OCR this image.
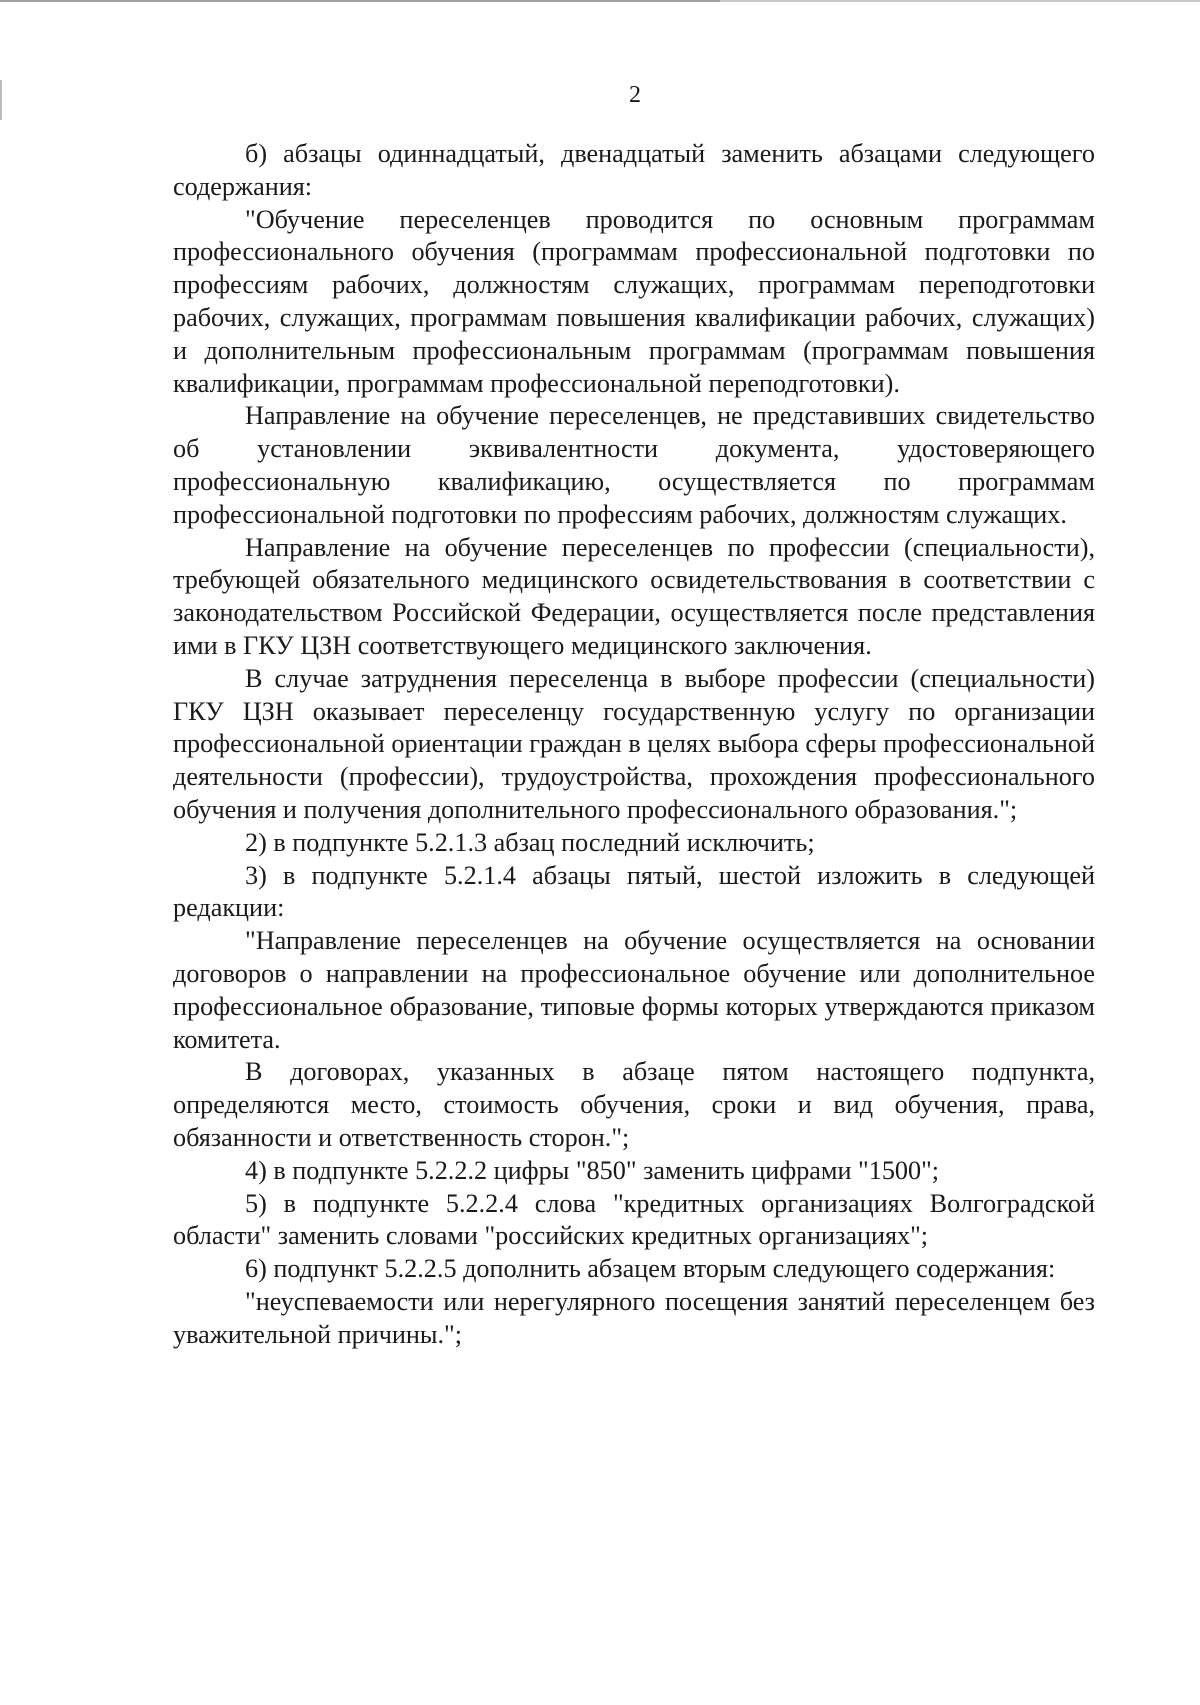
2

б) абзацы одиннадцатый, двенадцатый заменить абзацами следующего содержания:

"Обучение переселенцев проводится по основным программам профессионального обучения (программам профессиональной подготовки по профессиям рабочих, должностям служащих, программам переподготовки рабочих, служащих, программам повышения квалификации рабочих, служащих) и дополнительным профессиональным программам (программам повышения квалификации, программам профессиональной переподготовки).

Направление на обучение переселенцев, не представивших свидетельство об установлении эквивалентности документа, удостоверяющего профессиональную квалификацию, осуществляется по программам профессиональной подготовки по профессиям рабочих, должностям служащих.

Направление на обучение переселенцев по профессии (специальности), требующей обязательного медицинского освидетельствования в соответствии с законодательством Российской Федерации, осуществляется после представления ими в ГКУ ЦЗН соответствующего медицинского заключения.

В случае затруднения переселенца в выборе профессии (специальности) ГКУ ЦЗН оказывает переселенцу государственную услугу по организации профессиональной ориентации граждан в целях выбора сферы профессиональной деятельности (профессии), трудоустройства, прохождения профессионального обучения и получения дополнительного профессионального образования.";

2) в подпункте 5.2.1.3 абзац последний исключить;

3) в подпункте 5.2.1.4 абзацы пятый, шестой изложить в следующей редакции:

"Направление переселенцев на обучение осуществляется на основании договоров о направлении на профессиональное обучение или дополнительное профессиональное образование, типовые формы которых утверждаются приказом комитета.

В договорах, указанных в абзаце пятом настоящего подпункта, определяются место, стоимость обучения, сроки и вид обучения, права, обязанности и ответственность сторон.";

4) в подпункте 5.2.2.2 цифры "850" заменить цифрами "1500";

5) в подпункте 5.2.2.4 слова "кредитных организациях Волгоградской области" заменить словами "российских кредитных организациях";

6) подпункт 5.2.2.5 дополнить абзацем вторым следующего содержания:

"неуспеваемости или нерегулярного посещения занятий переселенцем без уважительной причины.";
